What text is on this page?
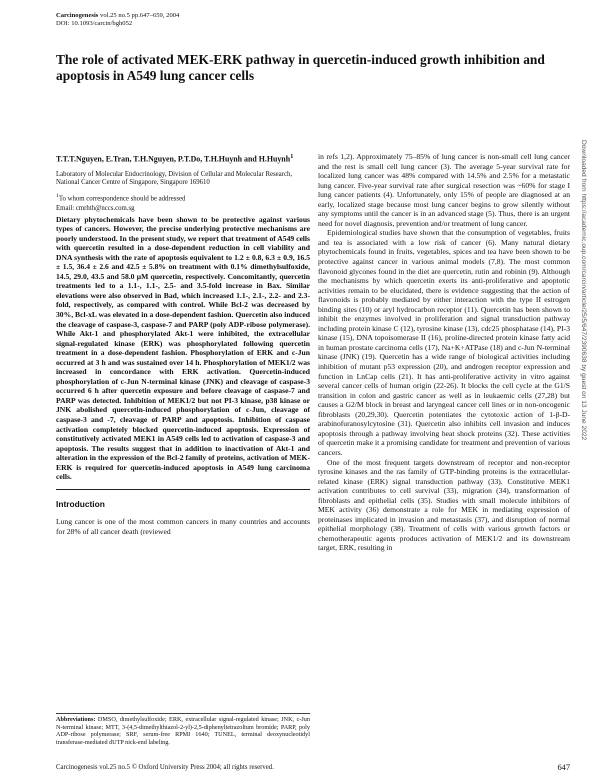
Carcinogenesis vol.25 no.5 pp.647–659, 2004
DOI: 10.1093/carcin/bgh052
The role of activated MEK-ERK pathway in quercetin-induced growth inhibition and apoptosis in A549 lung cancer cells
T.T.T.Nguyen, E.Tran, T.H.Nguyen, P.T.Do, T.H.Huynh and H.Huynh$^1$
Laboratory of Molecular Endocrinology, Division of Cellular and Molecular Research, National Cancer Centre of Singapore, Singapore 169610
$^1$To whom correspondence should be addressed
Email: cmrhth@nccs.com.sg

Dietary phytochemicals have been shown to be protective against various types of cancers. However, the precise underlying protective mechanisms are poorly understood. In the present study, we report that treatment of A549 cells with quercetin resulted in a dose-dependent reduction in cell viability and DNA synthesis with the rate of apoptosis equivalent to 1.2 ± 0.8, 6.3 ± 0.9, 16.5 ± 1.5, 36.4 ± 2.6 and 42.5 ± 5.8% on treatment with 0.1% dimethylsulfoxide, 14.5, 29.0, 43.5 and 58.0 μM quercetin, respectively. Concomitantly, quercetin treatments led to a 1.1-, 1.1-, 2.5- and 3.5-fold increase in Bax. Similar elevations were also observed in Bad, which increased 1.1-, 2.1-, 2.2- and 2.3-fold, respectively, as compared with control. While Bcl-2 was decreased by 30%, Bcl-xL was elevated in a dose-dependent fashion. Quercetin also induced the cleavage of caspase-3, caspase-7 and PARP (poly ADP-ribose polymerase). While Akt-1 and phosphorylated Akt-1 were inhibited, the extracellular signal-regulated kinase (ERK) was phosphorylated following quercetin treatment in a dose-dependent fashion. Phosphorylation of ERK and c-Jun occurred at 3 h and was sustained over 14 h. Phosphorylation of MEK1/2 was increased in concordance with ERK activation. Quercetin-induced phosphorylation of c-Jun N-terminal kinase (JNK) and cleavage of caspase-3 occurred 6 h after quercetin exposure and before cleavage of caspase-7 and PARP was detected. Inhibition of MEK1/2 but not PI-3 kinase, p38 kinase or JNK abolished quercetin-induced phosphorylation of c-Jun, cleavage of caspase-3 and -7, cleavage of PARP and apoptosis. Inhibition of caspase activation completely blocked quercetin-induced apoptosis. Expression of constitutively activated MEK1 in A549 cells led to activation of caspase-3 and apoptosis. The results suggest that in addition to inactivation of Akt-1 and alteration in the expression of the Bcl-2 family of proteins, activation of MEK-ERK is required for quercetin-induced apoptosis in A549 lung carcinoma cells.

Introduction

Lung cancer is one of the most common cancers in many countries and accounts for 28% of all cancer death (reviewed

in refs 1,2). Approximately 75–85% of lung cancer is non-small cell lung cancer and the rest is small cell lung cancer (3). The average 5-year survival rate for localized lung cancer was 48% compared with 14.5% and 2.5% for a metastatic lung cancer. Five-year survival rate after surgical resection was ~60% for stage I lung cancer patients (4). Unfortunately, only 15% of people are diagnosed at an early, localized stage because most lung cancer begins to grow silently without any symptoms until the cancer is in an advanced stage (5). Thus, there is an urgent need for novel diagnosis, prevention and/or treatment of lung cancer.

Epidemiological studies have shown that the consumption of vegetables, fruits and tea is associated with a low risk of cancer (6). Many natural dietary phytochemicals found in fruits, vegetables, spices and tea have been shown to be protective against cancer in various animal models (7,8). The most common flavonoid glycones found in the diet are quercetin, rutin and robinin (9). Although the mechanisms by which quercetin exerts its anti-proliferative and apoptotic activities remain to be elucidated, there is evidence suggesting that the action of flavonoids is probably mediated by either interaction with the type II estrogen binding sites (10) or aryl hydrocarbon receptor (11). Quercetin has been shown to inhibit the enzymes involved in proliferation and signal transduction pathway including protein kinase C (12), tyrosine kinase (13), cdc25 phosphatase (14), PI-3 kinase (15), DNA topoisomerase II (16), proline-directed protein kinase fatty acid in human prostate carcinoma cells (17), Na+K+ATPase (18) and c-Jun N-terminal kinase (JNK) (19). Quercetin has a wide range of biological activities including inhibition of mutant p53 expression (20), and androgen receptor expression and function in LnCap cells (21). It has anti-proliferative activity in vitro against several cancer cells of human origin (22-26). It blocks the cell cycle at the G1/S transition in colon and gastric cancer as well as in leukaemic cells (27,28) but causes a G2/M block in breast and laryngeal cancer cell lines or in non-oncogenic fibroblasts (20,29,30). Quercetin potentiates the cytotoxic action of 1-β-D-arabinofuranosylcytosine (31). Quercetin also inhibits cell invasion and induces apoptosis through a pathway involving heat shock proteins (32). These activities of quercetin make it a promising candidate for treatment and prevention of various cancers.

One of the most frequent targets downstream of receptor and non-receptor tyrosine kinases and the ras family of GTP-binding proteins is the extracellular-related kinase (ERK) signal transduction pathway (33). Constitutive MEK1 activation contributes to cell survival (33), migration (34), transformation of fibroblasts and epithelial cells (35). Studies with small molecule inhibitors of MEK activity (36) demonstrate a role for MEK in mediating expression of proteinases implicated in invasion and metastasis (37), and disruption of normal epithelial morphology (38). Treatment of cells with various growth factors or chemotherapeutic agents produces activation of MEK1/2 and its downstream target, ERK, resulting in

Abbreviations: DMSO, dimethylsulfoxide; ERK, extracellular signal-regulated kinase; JNK, c-Jun N-terminal kinase; MTT, 3-(4,5-dimethylthiazol-2-yl)-2,5-diphenyltetrazolium bromide; PARP, poly ADP-ribose polymerase; SRF, serum-free RPMI 1640; TUNEL, terminal deoxynucleotidyl transferase-mediated dUTP nick-end labeling.
Carcinogenesis vol.25 no.5 © Oxford University Press 2004; all rights reserved.	647
Downloaded from https://academic.oup.com/carcin/article/25/5/647/2390638 by guest on 13 June 2022
